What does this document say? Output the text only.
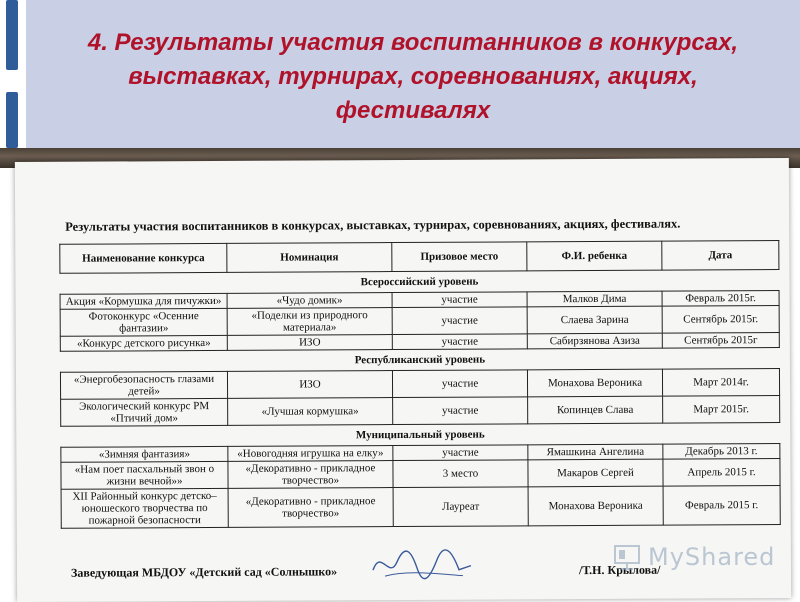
4. Результаты участия воспитанников в конкурсах, выставках, турнирах, соревнованиях, акциях, фестивалях
Результаты участия воспитанников в конкурсах, выставках, турнирах, соревнованиях, акциях, фестивалях.
Наименование конкурса	Номинация	Призовое место	Ф.И. ребенка	Дата
Всероссийский уровень				
Акция «Кормушка для пичужки»	«Чудо домик»	участие	Малков Дима	Февраль 2015г.
Фотоконкурс «Осенние фантазии»	«Поделки из природного материала»	участие	Слаева Зарина	Сентябрь 2015г.
«Конкурс детского рисунка»	ИЗО	участие	Сабирзянова Азиза	Сентябрь 2015г
Республиканский уровень				
«Энергобезопасность глазами детей»	ИЗО	участие	Монахова Вероника	Март 2014г.
Экологический конкурс РМ «Птичий дом»	«Лучшая кормушка»	участие	Копинцев Слава	Март 2015г.
Муниципальный уровень				
«Зимняя фантазия»	«Новогодняя игрушка на елку»	участие	Ямашкина Ангелина	Декабрь 2013 г.
«Нам поет пасхальный звон о жизни вечной»»	«Декоративно - прикладное творчество»	3 место	Макаров Сергей	Апрель 2015 г.
XII Районный конкурс детско–юношеского творчества по пожарной безопасности	«Декоративно - прикладное творчество»	Лауреат	Монахова Вероника	Февраль 2015 г.
Заведующая МБДОУ «Детский сад «Солнышко»	/Т.Н. Крылова/
MyShared
